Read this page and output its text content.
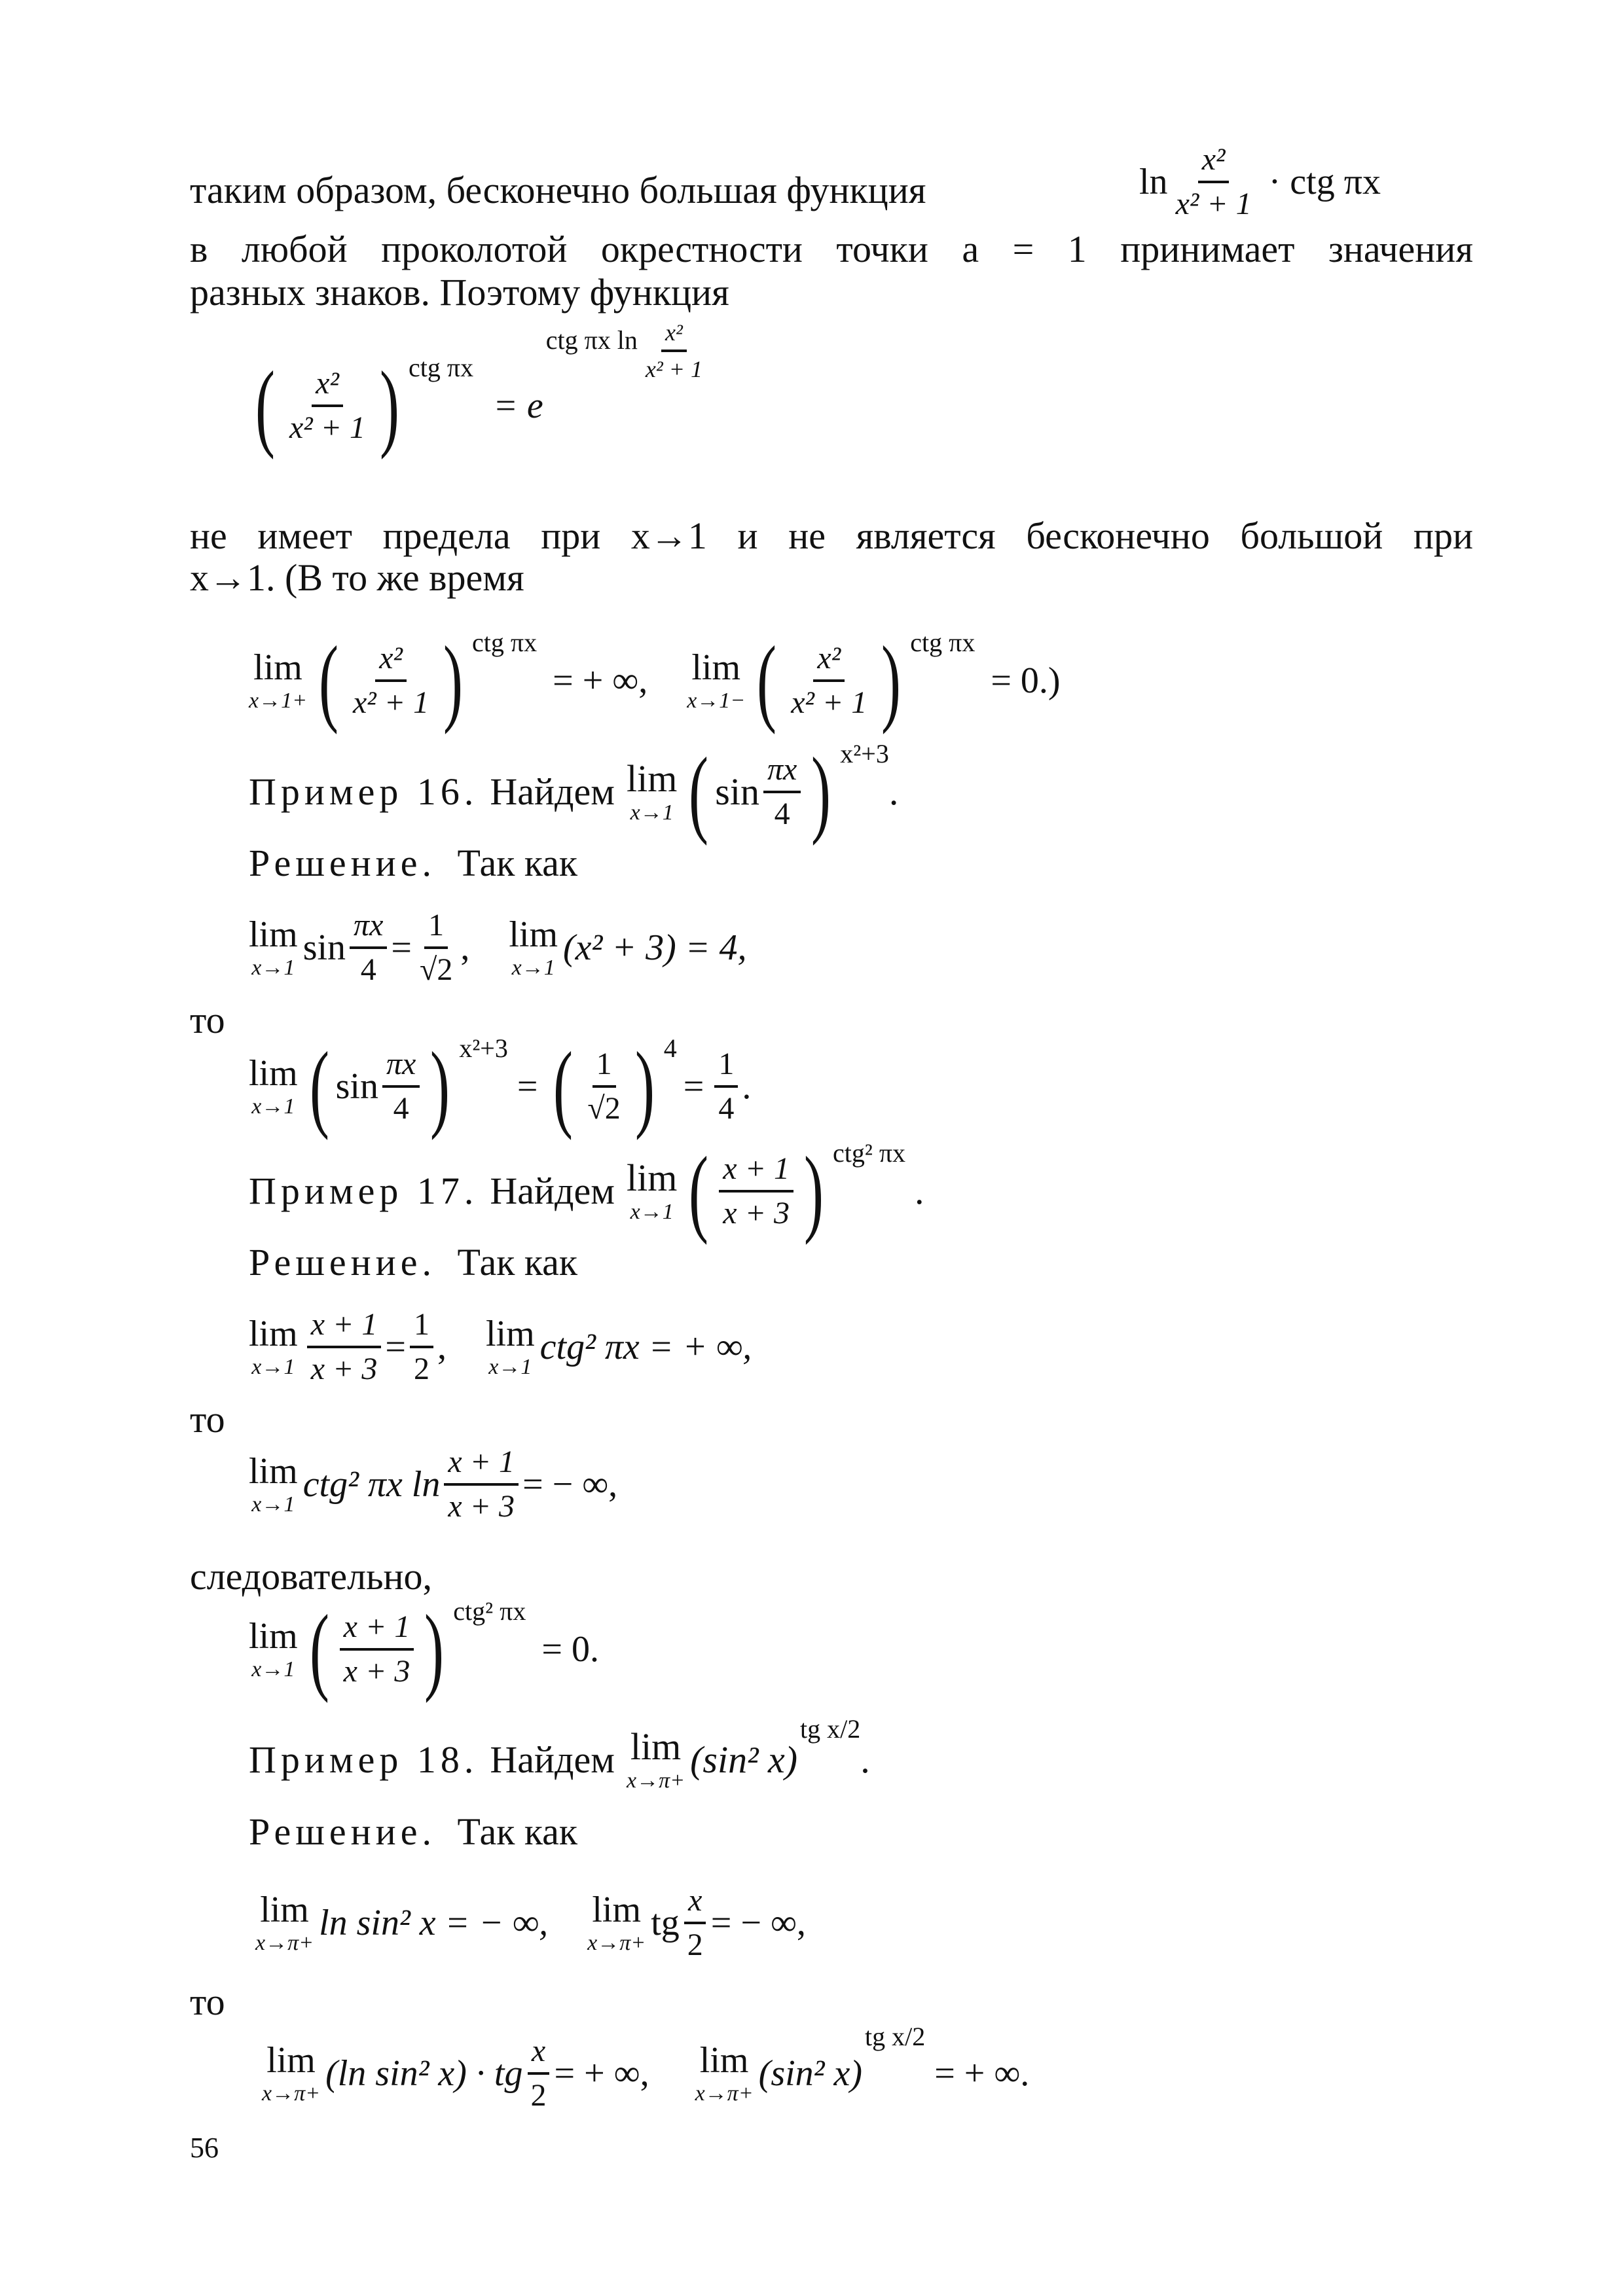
таким образом, бесконечно большая функция	$\ln \frac{\text{x²}}{\text{x² + 1}}$ · ctg πx
в любой проколотой окрестности точки a = 1 принимает значения
разных знаков. Поэтому функция
( $\frac{\text{x²}}{\text{x² + 1}}$ ) ctg πx
= e
ctg πx $\ln \frac{\text{x²}}{\text{x² + 1}}$
не имеет предела при x→1 и не является бесконечно большой при
x→1. (В то же время
lim
x→1+ ( $\frac{\text{x²}}{\text{x² + 1}}$ ) ctg πx
= + ∞, lim
x→1− ( $\frac{\text{x²}}{\text{x² + 1}}$ ) ctg πx
= 0.)
Пример 16. Найдем lim
x→1 ( $\sin \frac{\pi x}{4}$ ) x²+3
.
Решение. Так как
lim
x→1 $\sin \frac{\pi x}{4} = \frac{1}{√2}$ , lim
x→1 (x² + 3) = 4,
то
lim
x→1 ( $\sin \frac{\pi x}{4}$ ) x²+3
= ( $\frac{1}{√2}$ ) 4
= $\frac{1}{4}$ .
Пример 17. Найдем lim
x→1 ( $\frac{x + 1}{x + 3}$ ) ctg² πx
.
Решение. Так как
lim
$x\to 1 \frac{x + 1}{x + 3} = \frac{1}{2}$ , lim
x→1 ctg² πx = + ∞,
то
lim
x→1 ctg² πx $\ln \frac{x + 1}{x + 3}$ = − ∞,
следовательно,
lim
x→1 ( $\frac{x + 1}{x + 3}$ ) ctg² πx
= 0.
Пример 18. Найдем lim
x→π+ (sin² x)
tg x/2
.
Решение. Так как
lim
x→π+ ln sin² x = − ∞, lim
x→π+ tg $\frac{x}{2}$ = − ∞,
то
lim
x→π+ (ln sin² x) · tg $\frac{x}{2}$ = + ∞, lim
x→π+ (sin² x)
tg x/2
= + ∞.
56
